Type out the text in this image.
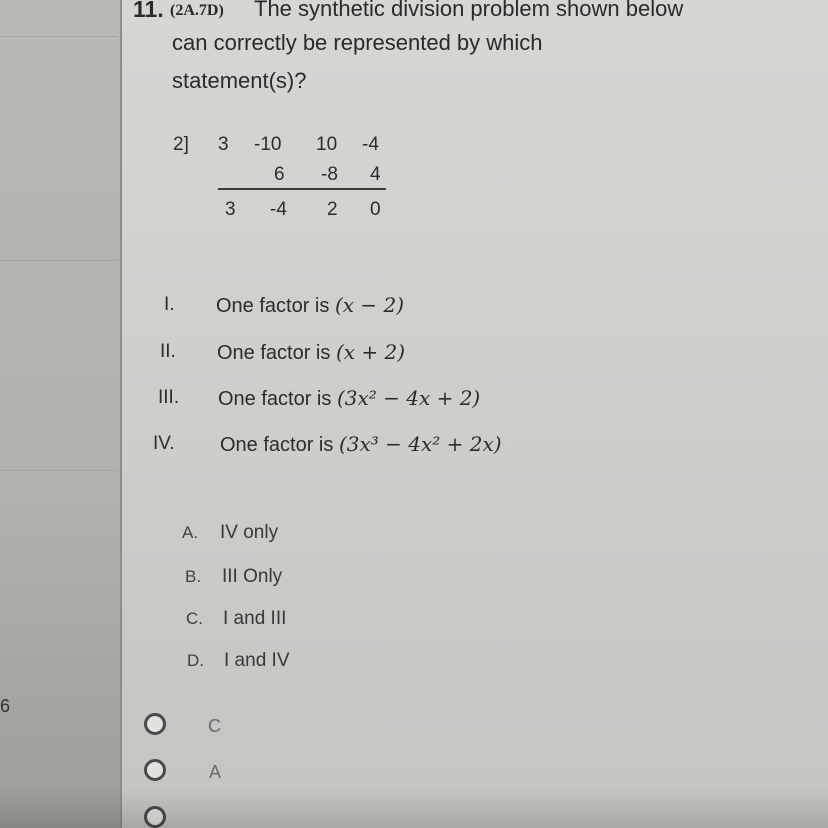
6
11. (2A.7D) The synthetic division problem shown below
can correctly be represented by which
statement(s)?
2] 3 -10 10 -4
6 -8 4
3 -4 2 0
I. One factor is (x − 2)
II. One factor is (x + 2)
III. One factor is (3x² − 4x + 2)
IV. One factor is (3x³ − 4x² + 2x)
A. IV only
B. III Only
C. I and III
D. I and IV
C
A
